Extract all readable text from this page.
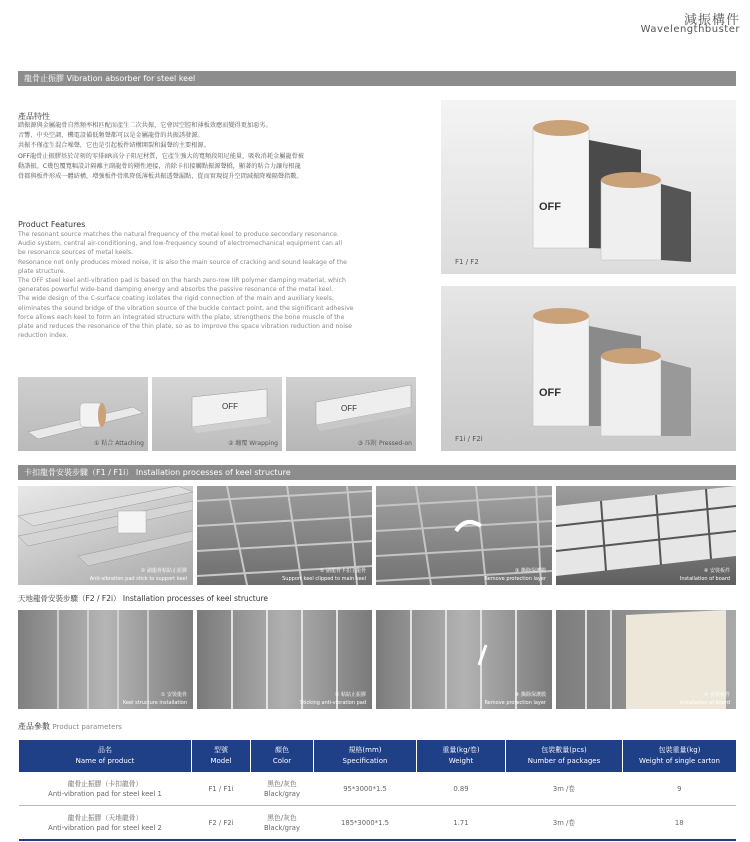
減振構件
Wavelengthbuster
龍骨止振膠 Vibration absorber for steel keel
產品特性

踏振源與金屬龍骨自然頻率相匹配而產生二次共振，它會因空腔和薄板效應而變得更加惡劣。

音響、中央空調、機電設備低頻聲都可以是金屬龍骨的共振誘發源。

共振不僅產生混合噪聲，它也是引起板件結構開裂和漏聲的主要根源。

OFF龍骨止振膠基於苛刻的零排IIR高分子阻尼材質，它產生強大的寬頻段阻尼能量，吸收消耗金屬龍骨被

動諧振。C幾包覆寬幅設計隔離主副龍骨的剛性連接，消除卡扣接觸點振源聲橋，顯著的粘合力讓每根龍

骨都與板件形成一體結構，增強板件骨肌降低薄板共振透聲漏點，從而實現提升空間減振降噪隔聲指數。

Product Features

The resonant source matches the natural frequency of the metal keel to produce secondary resonance.

Audio system, central air-conditioning, and low-frequency sound of electromechanical equipment can all

be resonance sources of metal keels.

Resonance not only produces mixed noise, it is also the main source of cracking and sound leakage of the

plate structure.

The OFF steel keel anti-vibration pad is based on the harsh zero-row IIR polymer damping material, which

generates powerful wide-band damping energy and absorbs the passive resonance of the metal keel.

The wide design of the C-surface coating isolates the rigid connection of the main and auxiliary keels,

eliminates the sound bridge of the vibration source of the buckle contact point, and the significant adhesive

force allows each keel to form an integrated structure with the plate, strengthens the bone muscle of the

plate and reduces the resonance of the thin plate, so as to improve the space vibration reduction and noise

reduction index.

① 粘合 Attaching
OFF
② 纏覆 Wrapping
OFF
③ 压附 Pressed-on
OFF
F1 / F2
OFF
F1i / F2i
卡扣龍骨安裝步驟（F1 / F1i） Installation processes of keel structure
① 副龍骨粘貼止振膠
Anti-vibration pad stick to support keel
② 副龍骨卡扣主龍骨
Support keel clipped to main keel
③ 撕除保護膜
Remove protection layer
④ 安裝板件
Installation of board
天地龍骨安裝步驟（F2 / F2i） Installation processes of keel structure
① 安裝龍骨
Keel structure installation
② 粘貼止振膠
Sticking anti-vibration pad
③ 撕除保護膜
Remove protection layer
④ 安裝板件
Installation of board
產品參數 Product parameters
品名
Name of product	型號
Model	顏色
Color	規格(mm)
Specification	重量(kg/卷)
Weight	包裝數量(pcs)
Number of packages	包裝重量(kg)
Weight of single carton
龍骨止振膠（卡扣龍骨）
Anti-vibration pad for steel keel 1	F1 / F1i	黑色/灰色
Black/gray	95*3000*1.5	0.89	3m /卷	9
龍骨止振膠（天地龍骨）
Anti-vibration pad for steel keel 2	F2 / F2i	黑色/灰色
Black/gray	185*3000*1.5	1.71	3m /卷	18
